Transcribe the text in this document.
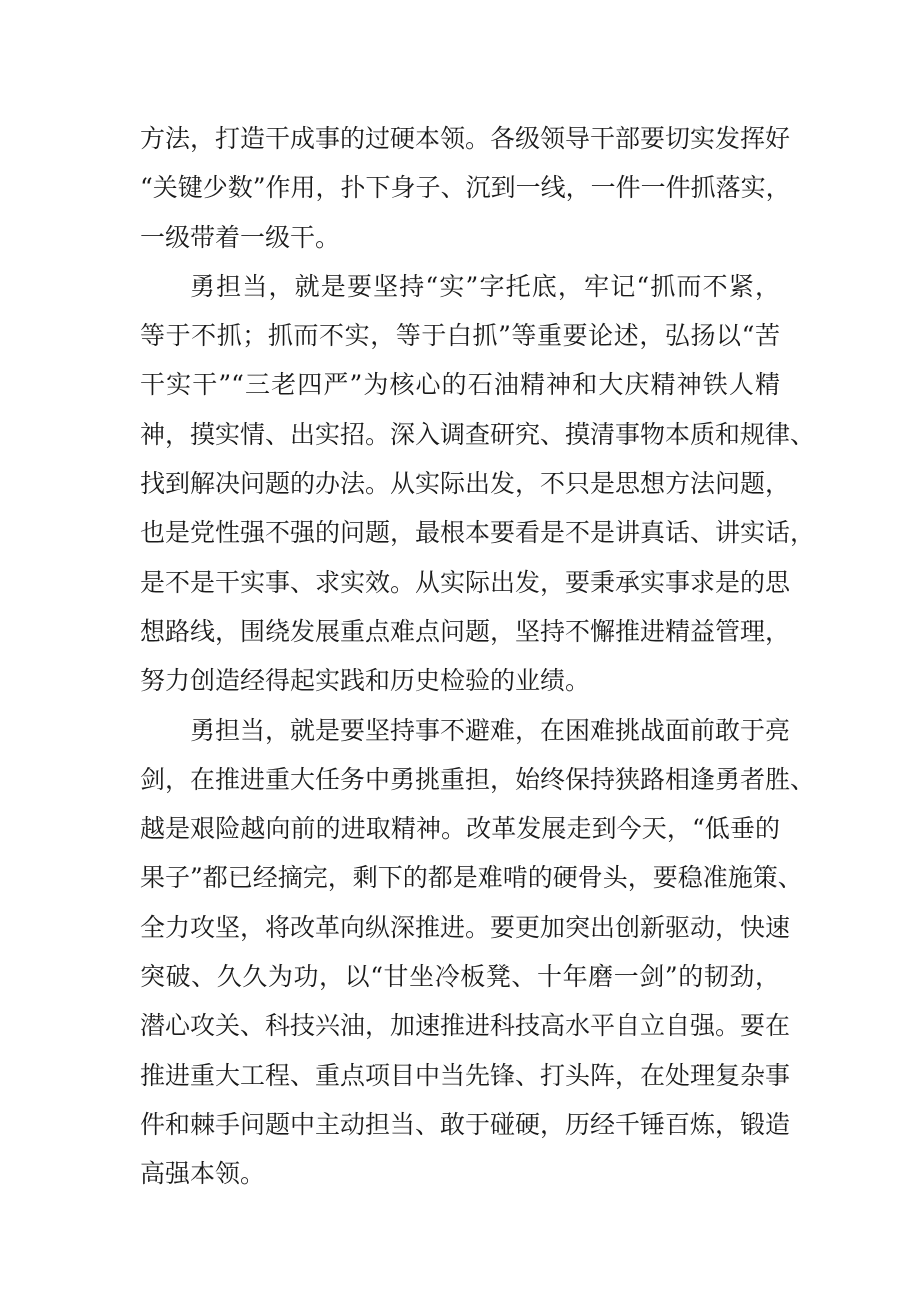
方法，打造干成事的过硬本领。各级领导干部要切实发挥好
“关键少数”作用，扑下身子、沉到一线，一件一件抓落实，
一级带着一级干。
勇担当，就是要坚持“实”字托底，牢记“抓而不紧，
等于不抓；抓而不实，等于白抓”等重要论述，弘扬以“苦
干实干”“三老四严”为核心的石油精神和大庆精神铁人精
神，摸实情、出实招。深入调查研究、摸清事物本质和规律、
找到解决问题的办法。从实际出发，不只是思想方法问题，
也是党性强不强的问题，最根本要看是不是讲真话、讲实话，
是不是干实事、求实效。从实际出发，要秉承实事求是的思
想路线，围绕发展重点难点问题，坚持不懈推进精益管理，
努力创造经得起实践和历史检验的业绩。
勇担当，就是要坚持事不避难，在困难挑战面前敢于亮
剑，在推进重大任务中勇挑重担，始终保持狭路相逢勇者胜、
越是艰险越向前的进取精神。改革发展走到今天，“低垂的
果子”都已经摘完，剩下的都是难啃的硬骨头，要稳准施策、
全力攻坚，将改革向纵深推进。要更加突出创新驱动，快速
突破、久久为功，以“甘坐冷板凳、十年磨一剑”的韧劲，
潜心攻关、科技兴油，加速推进科技高水平自立自强。要在
推进重大工程、重点项目中当先锋、打头阵，在处理复杂事
件和棘手问题中主动担当、敢于碰硬，历经千锤百炼，锻造
高强本领。
